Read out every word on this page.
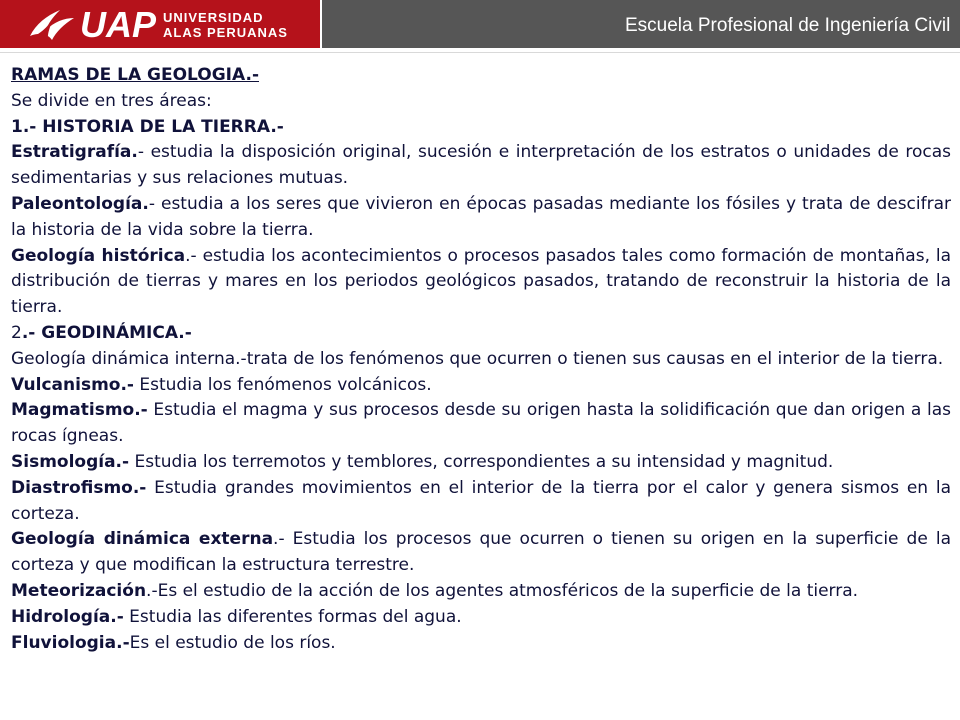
UAP UNIVERSIDAD
ALAS PERUANAS	Escuela Profesional de Ingeniería Civil

RAMAS DE LA GEOLOGIA.-

Se divide en tres áreas:

1.- HISTORIA DE LA TIERRA.-

Estratigrafía.- estudia la disposición original, sucesión e interpretación de los estratos o unidades de rocas sedimentarias y sus relaciones mutuas.

Paleontología.- estudia a los seres que vivieron en épocas pasadas mediante los fósiles y trata de descifrar la historia de la vida sobre la tierra.

Geología histórica.- estudia los acontecimientos o procesos pasados tales como formación de montañas, la distribución de tierras y mares en los periodos geológicos pasados, tratando de reconstruir la historia de la tierra.

2.- GEODINÁMICA.-

Geología dinámica interna.-trata de los fenómenos que ocurren o tienen sus causas en el interior de la tierra.

Vulcanismo.- Estudia los fenómenos volcánicos.

Magmatismo.- Estudia el magma y sus procesos desde su origen hasta la solidificación que dan origen a las rocas ígneas.

Sismología.- Estudia los terremotos y temblores, correspondientes a su intensidad y magnitud.

Diastrofismo.- Estudia grandes movimientos en el interior de la tierra por el calor y genera sismos en la corteza.

Geología dinámica externa.- Estudia los procesos que ocurren o tienen su origen en la superficie de la corteza y que modifican la estructura terrestre.

Meteorización.-Es el estudio de la acción de los agentes atmosféricos de la superficie de la tierra.

Hidrología.- Estudia las diferentes formas del agua.

Fluviologia.-Es el estudio de los ríos.
